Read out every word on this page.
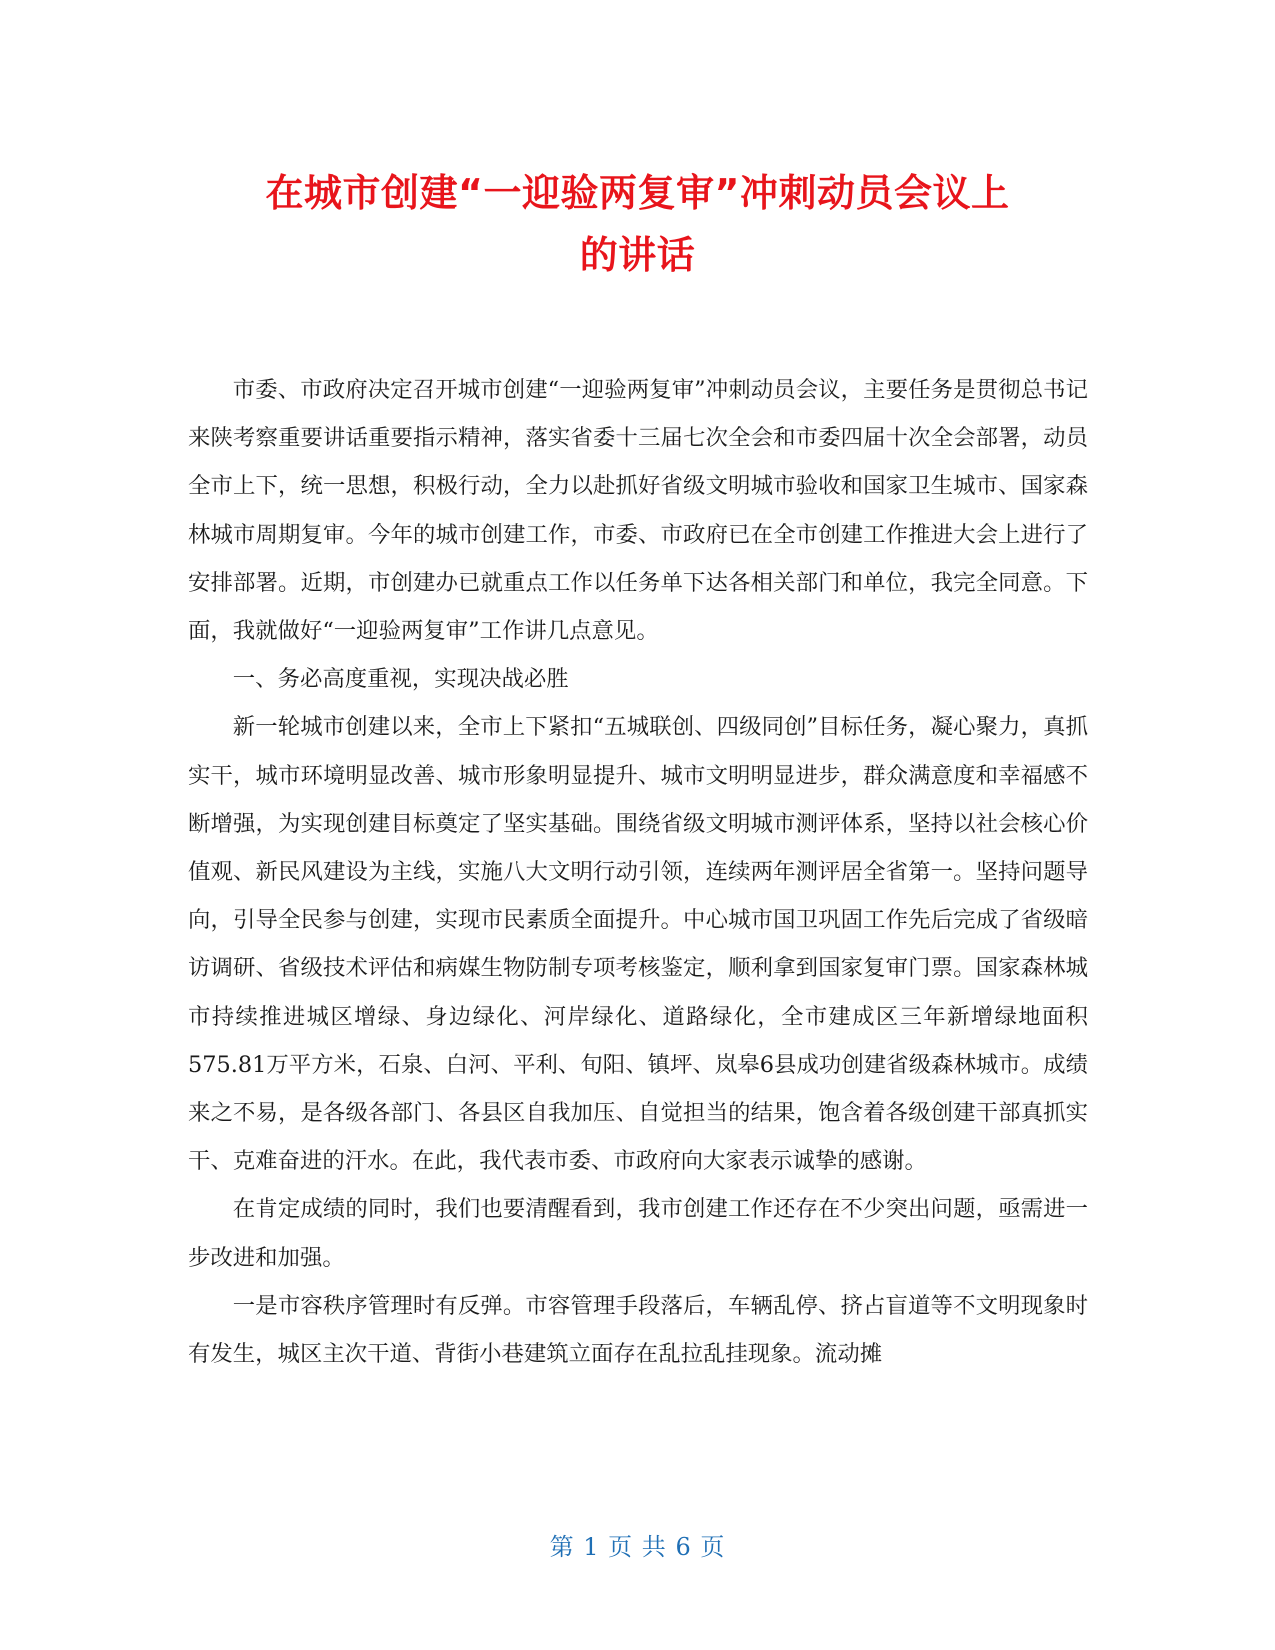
在城市创建“一迎验两复审”冲刺动员会议上
的讲话

市委、市政府决定召开城市创建“一迎验两复审”冲刺动员会议，主要任务是贯彻总书记来陕考察重要讲话重要指示精神，落实省委十三届七次全会和市委四届十次全会部署，动员全市上下，统一思想，积极行动，全力以赴抓好省级文明城市验收和国家卫生城市、国家森林城市周期复审。今年的城市创建工作，市委、市政府已在全市创建工作推进大会上进行了安排部署。近期，市创建办已就重点工作以任务单下达各相关部门和单位，我完全同意。下面，我就做好“一迎验两复审”工作讲几点意见。

一、务必高度重视，实现决战必胜

新一轮城市创建以来，全市上下紧扣“五城联创、四级同创”目标任务，凝心聚力，真抓实干，城市环境明显改善、城市形象明显提升、城市文明明显进步，群众满意度和幸福感不断增强，为实现创建目标奠定了坚实基础。围绕省级文明城市测评体系，坚持以社会核心价值观、新民风建设为主线，实施八大文明行动引领，连续两年测评居全省第一。坚持问题导向，引导全民参与创建，实现市民素质全面提升。中心城市国卫巩固工作先后完成了省级暗访调研、省级技术评估和病媒生物防制专项考核鉴定，顺利拿到国家复审门票。国家森林城市持续推进城区增绿、身边绿化、河岸绿化、道路绿化，全市建成区三年新增绿地面积575.81万平方米，石泉、白河、平利、旬阳、镇坪、岚皋6县成功创建省级森林城市。成绩来之不易，是各级各部门、各县区自我加压、自觉担当的结果，饱含着各级创建干部真抓实干、克难奋进的汗水。在此，我代表市委、市政府向大家表示诚挚的感谢。

在肯定成绩的同时，我们也要清醒看到，我市创建工作还存在不少突出问题，亟需进一步改进和加强。

一是市容秩序管理时有反弹。市容管理手段落后，车辆乱停、挤占盲道等不文明现象时有发生，城区主次干道、背街小巷建筑立面存在乱拉乱挂现象。流动摊

第 1 页 共 6 页
